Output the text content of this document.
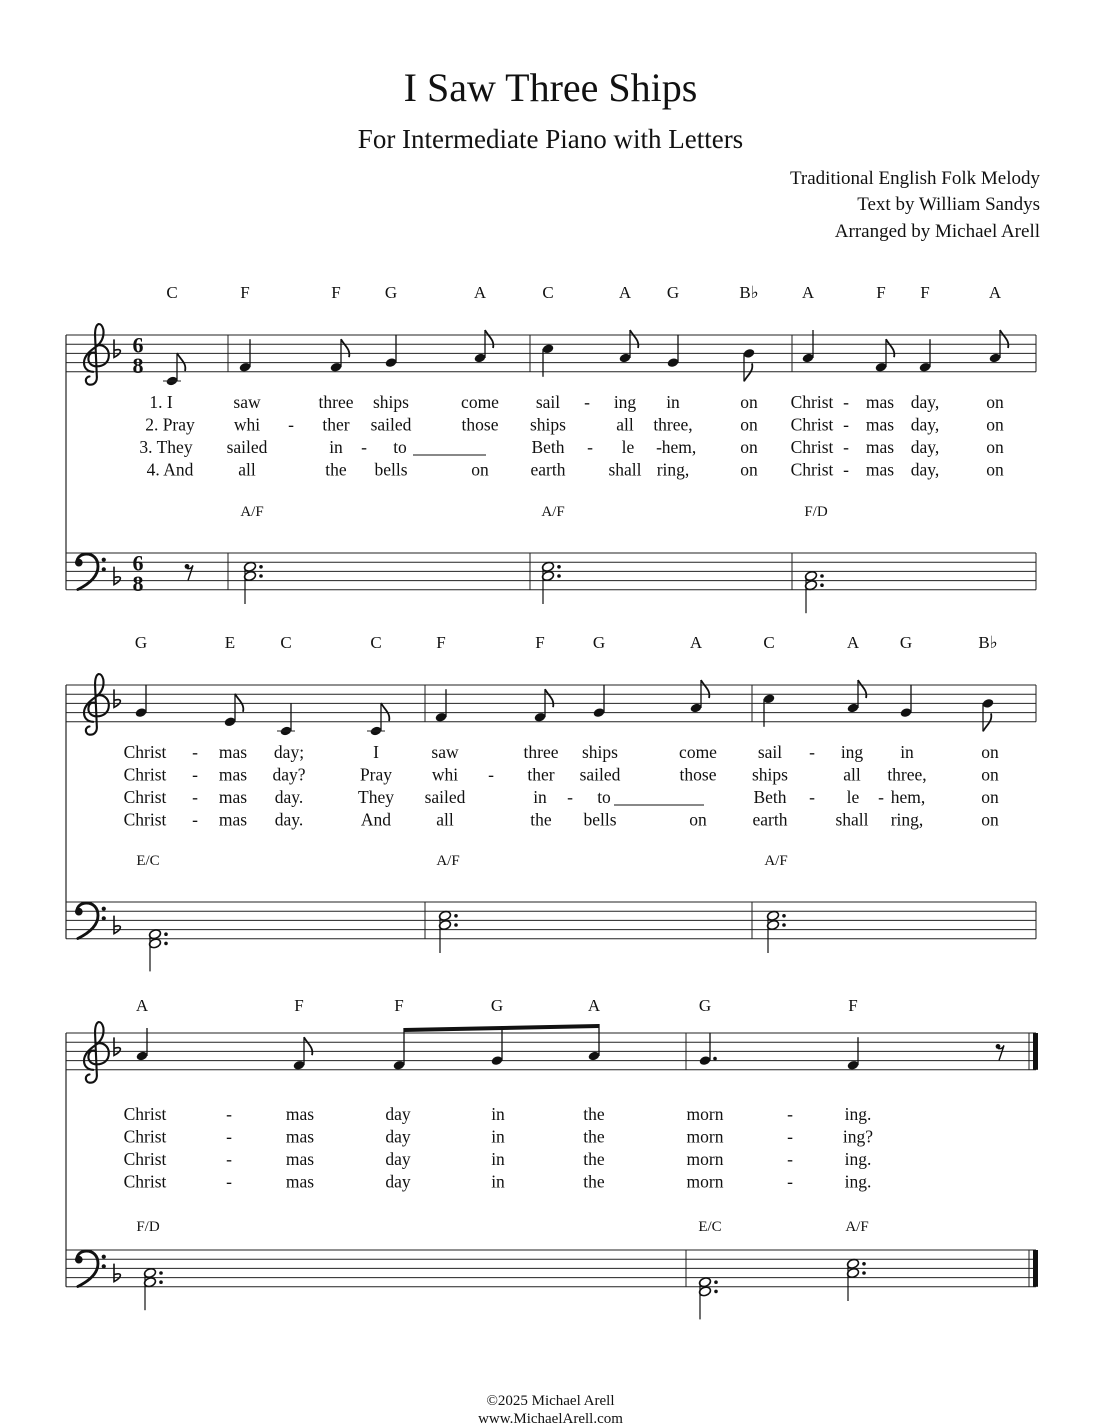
I Saw Three Ships
For Intermediate Piano with Letters
Traditional English Folk Melody
Text by William Sandys
Arranged by Michael Arell
6
8
6
8
C	F	F	G	A	C	A G	B♭	A	F F	A
A/F	A/F	F/D
1. I	saw	three ships	come sail - ing in	on Christ - mas day,	on
2. Pray whi - ther sailed	those ships	all three,	on Christ - mas day,	on
3. They sailed	in - to	Beth - le - hem,	on Christ - mas day,	on
4. And	all	the bells	on earth shall ring,	on Christ - mas day,	on
G	E	C	C	F	F	G	A	C	A G	B♭
E/C	A/F	A/F
Christ - mas day;	I	saw	three ships	come sail - ing in	on
Christ - mas day?	Pray whi - ther sailed	those ships	all three,	on
Christ - mas day.	They sailed	in - to	Beth - le - hem,	on
Christ - mas day.	And	all	the bells	on	earth	shall ring,	on
A	F	F	G	A	G	F
F/D	E/C	A/F
Christ	-	mas	day	in	the	morn	-	ing.
Christ	-	mas	day	in	the	morn	-	ing?
Christ	-	mas	day	in	the	morn	-	ing.
Christ	-	mas	day	in	the	morn	-	ing.
©2025 Michael Arell
www.MichaelArell.com
